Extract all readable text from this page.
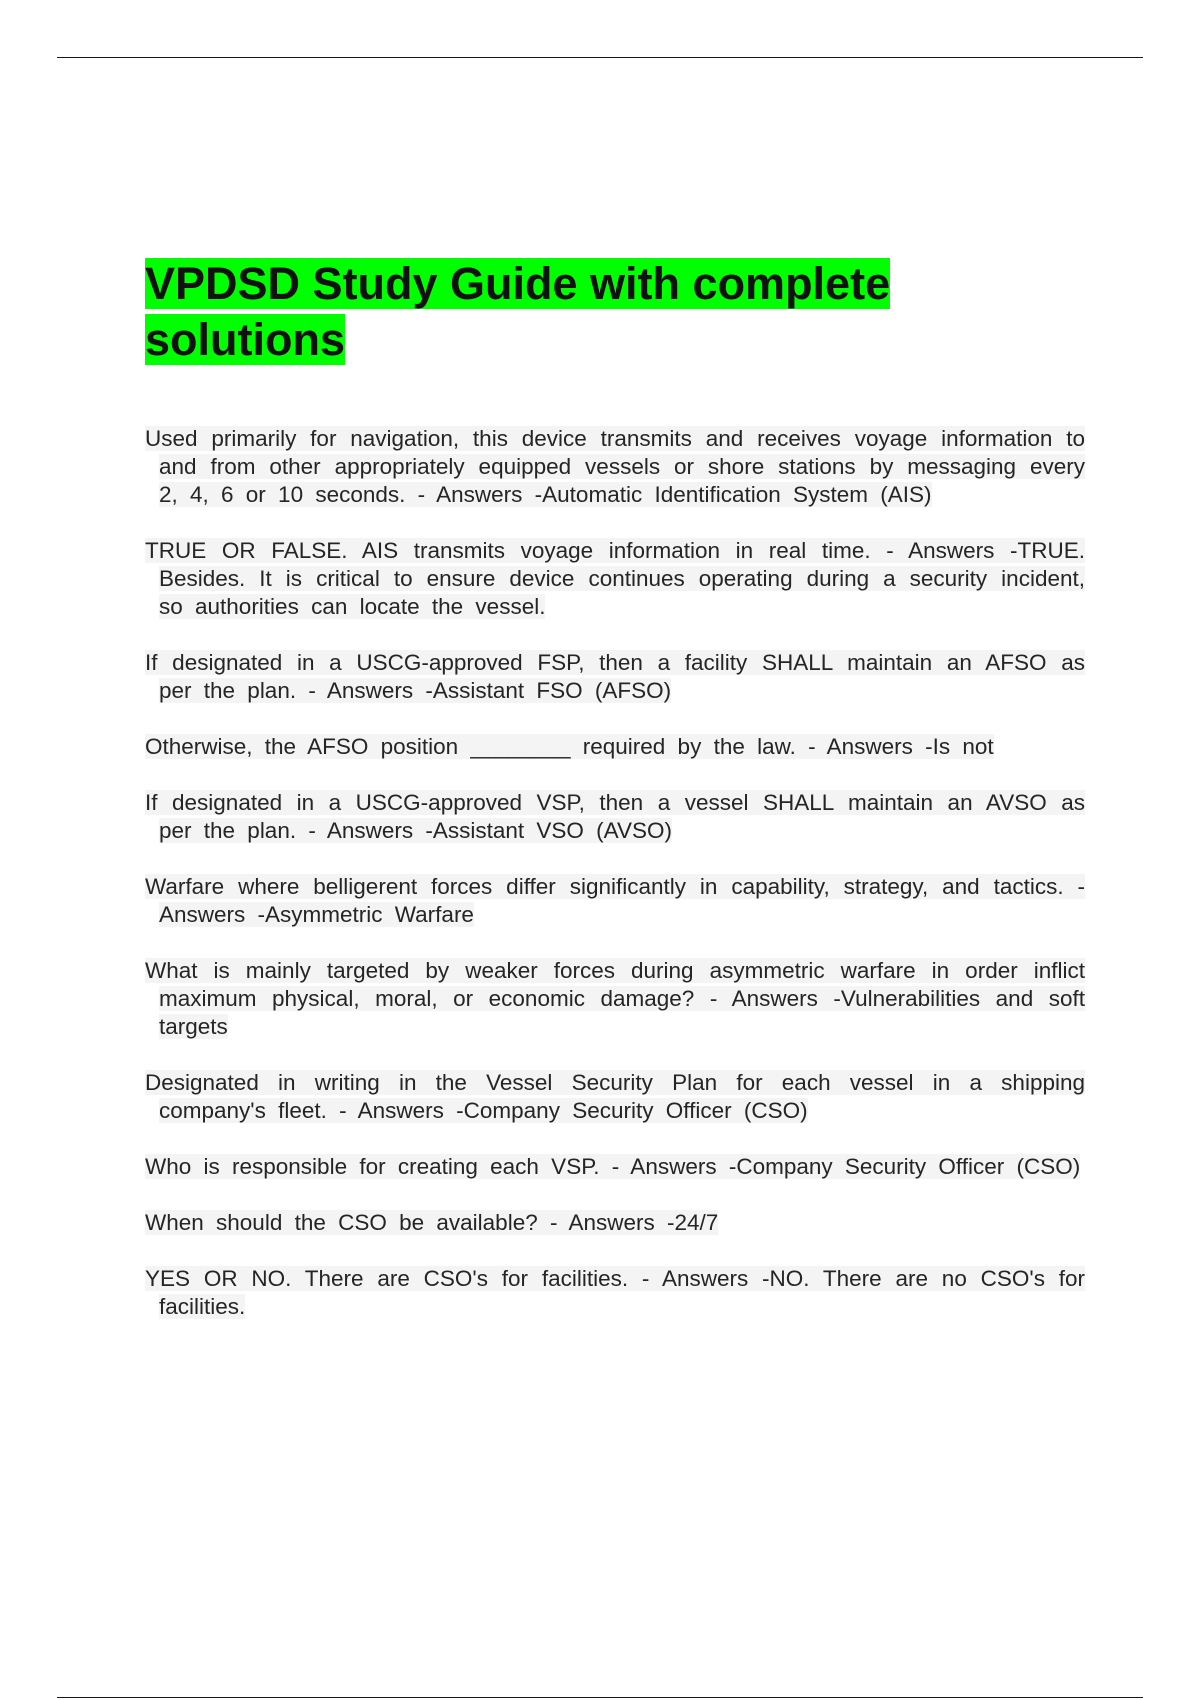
VPDSD Study Guide with complete solutions

Used primarily for navigation, this device transmits and receives voyage information to and from other appropriately equipped vessels or shore stations by messaging every 2, 4, 6 or 10 seconds. - Answers -Automatic Identification System (AIS)

TRUE OR FALSE. AIS transmits voyage information in real time. - Answers -TRUE. Besides. It is critical to ensure device continues operating during a security incident, so authorities can locate the vessel.

If designated in a USCG-approved FSP, then a facility SHALL maintain an AFSO as per the plan. - Answers -Assistant FSO (AFSO)

Otherwise, the AFSO position ________ required by the law. - Answers -Is not

If designated in a USCG-approved VSP, then a vessel SHALL maintain an AVSO as per the plan. - Answers -Assistant VSO (AVSO)

Warfare where belligerent forces differ significantly in capability, strategy, and tactics. - Answers -Asymmetric Warfare

What is mainly targeted by weaker forces during asymmetric warfare in order inflict maximum physical, moral, or economic damage? - Answers -Vulnerabilities and soft targets

Designated in writing in the Vessel Security Plan for each vessel in a shipping company's fleet. - Answers -Company Security Officer (CSO)

Who is responsible for creating each VSP. - Answers -Company Security Officer (CSO)

When should the CSO be available? - Answers -24/7

YES OR NO. There are CSO's for facilities. - Answers -NO. There are no CSO's for facilities.
